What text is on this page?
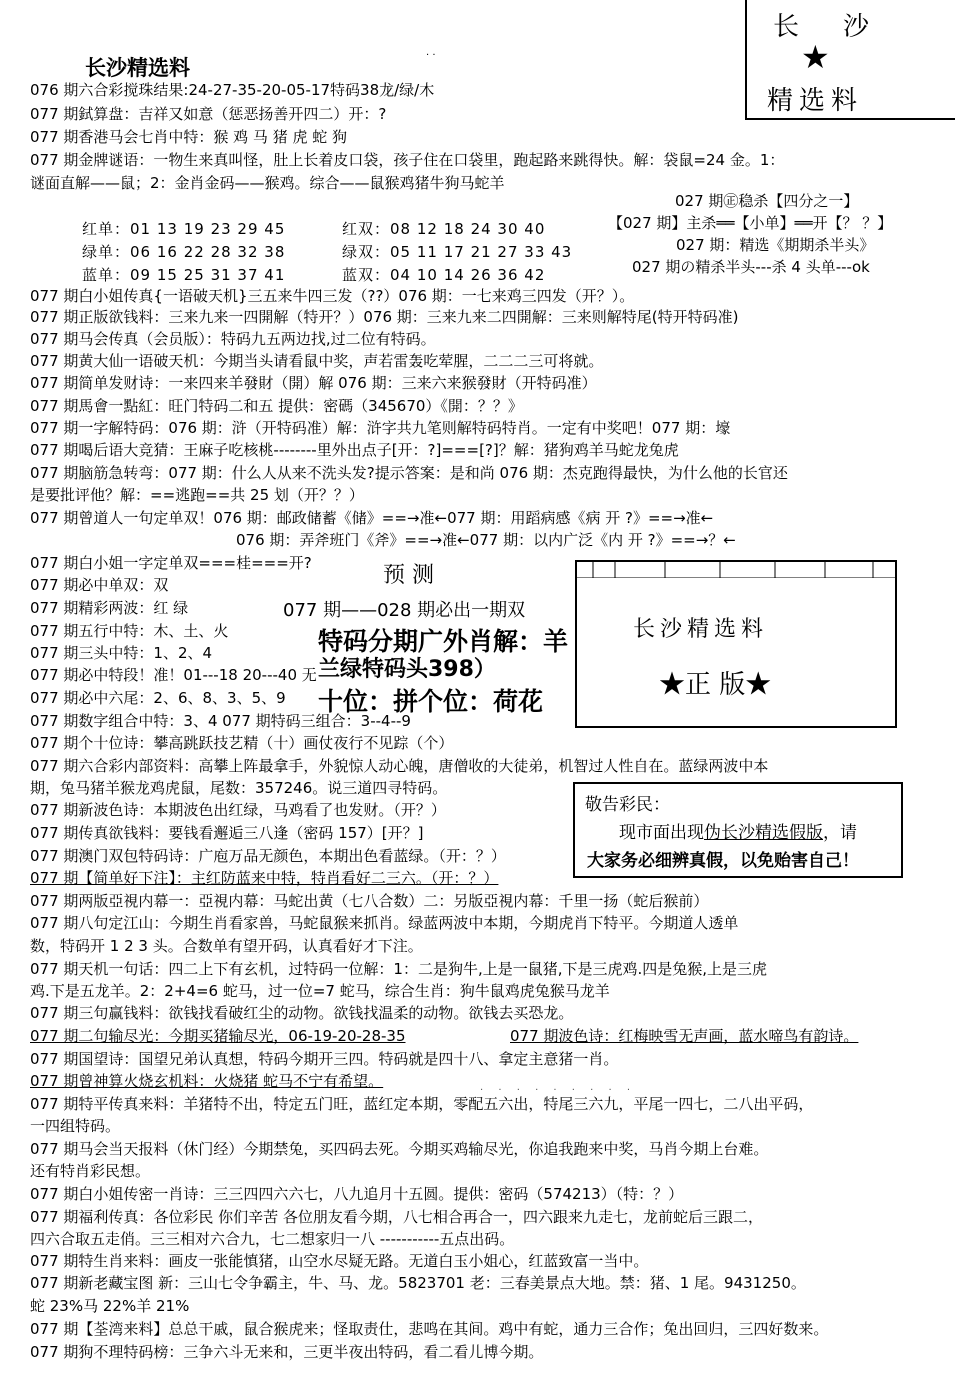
长沙精选料	· ·
长 沙
★
精选料
076 期六合彩搅珠结果:24-27-35-20-05-17特码38龙/绿/木
077 期鉽算盘：吉祥又如意（惩恶扬善开四二）开：?
077 期香港马会七肖中特：猴 鸡 马 猪 虎 蛇 狗
077 期金牌谜语：一物生来真叫怪，肚上长着皮口袋，孩子住在口袋里，跑起路来跳得快。解：袋鼠=24 金。1：
谜面直解——鼠；2：金肖金码——猴鸡。综合——鼠猴鸡猪牛狗马蛇羊
027 期㊣稳杀【四分之一】
【027 期】主杀══【小单】══开【？ ？】
027 期：精选《期期杀半头》
027 期の精杀半头---杀 4 头单---ok
红单：01 13 19 23 29 45	红双：08 12 18 24 30 40
绿单：06 16 22 28 32 38	绿双：05 11 17 21 27 33 43
蓝单：09 15 25 31 37 41	蓝双：04 10 14 26 36 42
077 期白小姐传真{一语破天机}三五来牛四三发（??）076 期：一七来鸡三四发（开？）。
077 期正版欲钱料：三来九来一四開解（特开？）076 期：三来九来二四開解：三来则解特尾(特开特码准)
077 期马会传真（会员版）：特码九五两边找,过二位有特码。
077 期黄大仙一语破天机：今期当头请看鼠中奖，声若雷轰吃荤腥，二二二三可将就。
077 期简单发财诗：一来四来羊發財（開）解 076 期：三来六来猴發財（开特码准）
077 期馬會一點紅：旺门特码二和五 提供：密碼（345670）《開：？？》
077 期一字解特码：076 期：浒（开特码准）解：浒字共九笔则解特码特肖。一定有中奖吧！077 期：壕
077 期喝后语大竞猜：王麻子吃核桃--------里外出点子[开：?]===[?]？解：猪狗鸡羊马蛇龙兔虎
077 期脑筋急转弯：077 期：什么人从来不洗头发?提示答案：是和尚 076 期：杰克跑得最快，为什么他的长官还
是要批评他？解：==逃跑==共 25 划（开？？）
077 期曾道人一句定单双！076 期：邮政储蓄《储》==→准←077 期：用蹈病感《病 开 ?》==→准←
076 期：弄斧班门《斧》==→准←077 期：以内广泛《内 开 ?》==→？←
077 期白小姐一字定单双===桂===开?
077 期必中单双：双
077 期精彩两波：红 绿
077 期五行中特：木、土、火
077 期三头中特：1、2、4
077 期必中特段！准！01---18 20---40 无
077 期必中六尾：2、6、8、3、5、9
077 期数字组合中特：3、4 077 期特码三组合：3--4--9
077 期个十位诗：攀高跳跃技艺精（十）画仗夜行不见踪（个）
预 测
077 期——028 期必出一期双
特码分期广外肖解：羊
兰绿特码头398）
十位：拼个位：荷花
长沙精选料
★正 版★
077 期六合彩内部资料：高攀上阵最拿手，外貌惊人动心魄，唐僧收的大徒弟，机智过人性自在。蓝绿两波中本
期，兔马猪羊猴龙鸡虎鼠，尾数：357246。说三道四寻特码。
077 期新波色诗：本期波色出红绿，马鸡看了也发财。（开？）
077 期传真欲钱料：要钱看邂逅三八逢（密码 157）[开？]
077 期澳门双包特码诗：广庖万品无颜色，本期出色看蓝绿。（开：？）
077 期【简单好下注】：主红防蓝来中特，特肖看好二三六。（开：？）
敬告彩民：
现市面出现伪长沙精选假版，请
大家务必细辨真假，以免贻害自己！
077 期两版亞視内幕一：亞視内幕：马蛇出黄（七八合数）二：另版亞視内幕：千里一扬（蛇后猴前）
077 期八句定江山：今期生肖看家兽，马蛇鼠猴来抓肖。绿蓝两波中本期，今期虎肖下特平。今期道人透单
数，特码开 1 2 3 头。合数单有望开码，认真看好才下注。
077 期天机一句话：四二上下有玄机，过特码一位解：1：二是狗牛,上是一鼠猪,下是三虎鸡.四是兔猴,上是三虎
鸡.下是五龙羊。2：2+4=6 蛇马，过一位=7 蛇马，综合生肖：狗牛鼠鸡虎兔猴马龙羊
077 期三句赢钱料：欲钱找看破红尘的动物。欲钱找温柔的动物。欲钱去买恐龙。
077 期二句输尽光：今期买猪输尽光，06-19-20-28-35	077 期波色诗：红梅映雪无声画，蓝水啼鸟有韵诗。
077 期国望诗：国望兄弟认真想，特码今期开三四。特码就是四十八、拿定主意猪一肖。
077 期曾神算火烧玄机料：火烧猪 蛇马不宁有希望。
· · · · · · · · ·
077 期特平传真来料：羊猪特不出，特定五门旺，蓝红定本期，零配五六出，特尾三六九，平尾一四七，二八出平码，
一四组特码。
077 期马会当天报料（休门经）今期禁兔，买四码去死。今期买鸡输尽光，你追我跑来中奖，马肖今期上台难。
还有特肖彩民想。
077 期白小姐传密一肖诗：三三四四六六七，八九追月十五圆。提供：密码（574213）（特：？）
077 期福利传真：各位彩民 你们辛苦 各位朋友看今期，八七相合再合一，四六跟来九走七，龙前蛇后三跟二，
四六合取五走俏。三三相对六合九，七二想家归一八 -----------五点出码。
077 期特生肖来料：画皮一张能慎猪，山空水尽疑无路。无道白玉小姐心，红蓝致富一当中。
077 期新老藏宝图 新：三山七令争霸主，牛、马、龙。5823701 老：三春美景点大地。禁：猪、1 尾。9431250。
蛇 23%马 22%羊 21%
077 期【荃湾来料】总总干戚，鼠合猴虎来；怪取责仕，悲鸣在其间。鸡中有蛇，通力三合作；兔出回归，三四好数来。
077 期狗不理特码榜：三争六斗无来和，三更半夜出特码，看二看儿博今期。
